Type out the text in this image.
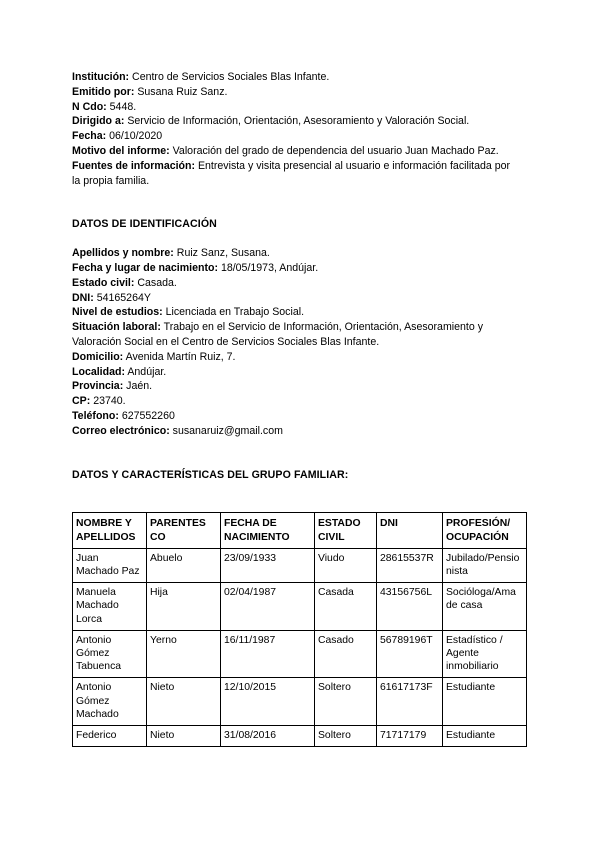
Institución: Centro de Servicios Sociales Blas Infante.
Emitido por: Susana Ruiz Sanz.
N Cdo: 5448.
Dirigido a: Servicio de Información, Orientación, Asesoramiento y Valoración Social.
Fecha: 06/10/2020
Motivo del informe: Valoración del grado de dependencia del usuario Juan Machado Paz.
Fuentes de información: Entrevista y visita presencial al usuario e información facilitada por la propia familia.
DATOS DE IDENTIFICACIÓN
Apellidos y nombre: Ruiz Sanz, Susana.
Fecha y lugar de nacimiento: 18/05/1973, Andújar.
Estado civil: Casada.
DNI: 54165264Y
Nivel de estudios: Licenciada en Trabajo Social.
Situación laboral: Trabajo en el Servicio de Información, Orientación, Asesoramiento y Valoración Social en el Centro de Servicios Sociales Blas Infante.
Domicilio: Avenida Martín Ruiz, 7.
Localidad: Andújar.
Provincia: Jaén.
CP: 23740.
Teléfono: 627552260
Correo electrónico: susanaruiz@gmail.com
DATOS Y CARACTERÍSTICAS DEL GRUPO FAMILIAR:
NOMBRE Y APELLIDOS	PARENTES CO	FECHA DE NACIMIENTO	ESTADO CIVIL	DNI	PROFESIÓN/ OCUPACIÓN
Juan Machado Paz	Abuelo	23/09/1933	Viudo	28615537R	Jubilado/Pensionista
Manuela Machado Lorca	Hija	02/04/1987	Casada	43156756L	Socióloga/Ama de casa
Antonio Gómez Tabuenca	Yerno	16/11/1987	Casado	56789196T	Estadístico / Agente inmobiliario
Antonio Gómez Machado	Nieto	12/10/2015	Soltero	61617173F	Estudiante
Federico	Nieto	31/08/2016	Soltero	71717179	Estudiante
